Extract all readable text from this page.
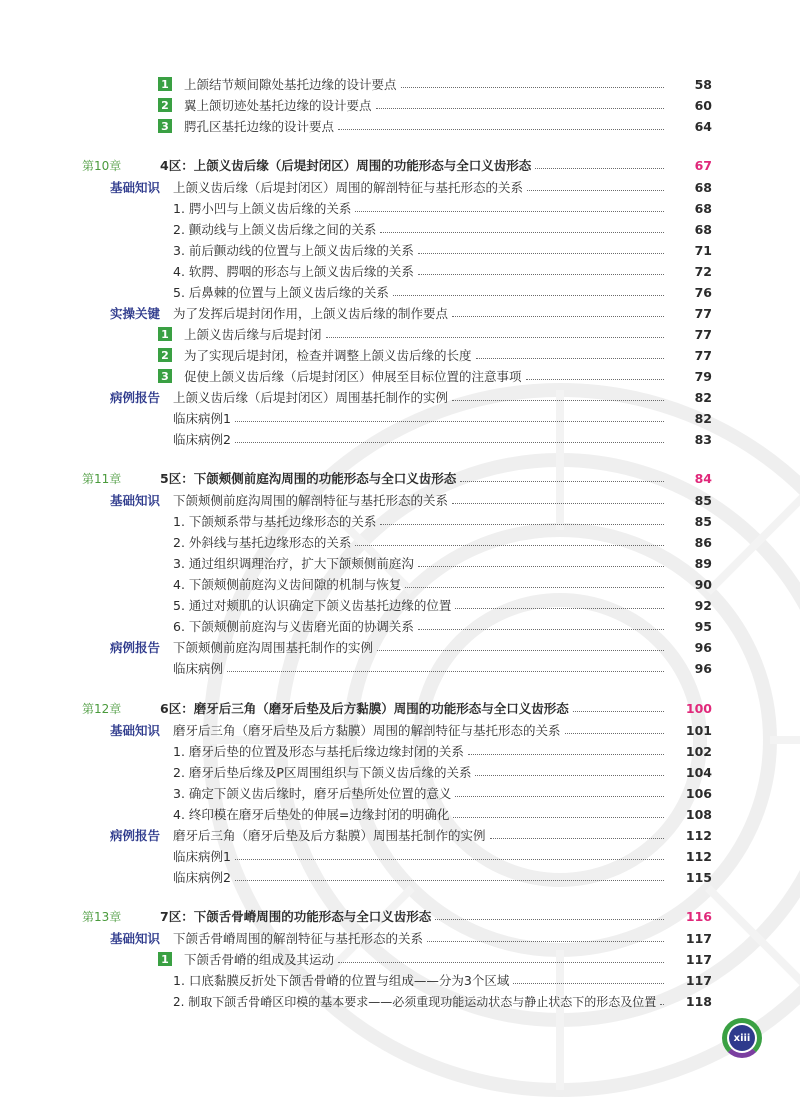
1 上颌结节颊间隙处基托边缘的设计要点	58
2 翼上颌切迹处基托边缘的设计要点	60
3 腭孔区基托边缘的设计要点	64
第10章	4区：上颌义齿后缘（后堤封闭区）周围的功能形态与全口义齿形态	67
基础知识 上颌义齿后缘（后堤封闭区）周围的解剖特征与基托形态的关系	68
1. 腭小凹与上颌义齿后缘的关系	68
2. 颤动线与上颌义齿后缘之间的关系	68
3. 前后颤动线的位置与上颌义齿后缘的关系	71
4. 软腭、腭咽的形态与上颌义齿后缘的关系	72
5. 后鼻棘的位置与上颌义齿后缘的关系	76
实操关键 为了发挥后堤封闭作用，上颌义齿后缘的制作要点	77
1 上颌义齿后缘与后堤封闭	77
2 为了实现后堤封闭，检查并调整上颌义齿后缘的长度	77
3 促使上颌义齿后缘（后堤封闭区）伸展至目标位置的注意事项	79
病例报告 上颌义齿后缘（后堤封闭区）周围基托制作的实例	82
临床病例1	82
临床病例2	83
第11章	5区：下颌颊侧前庭沟周围的功能形态与全口义齿形态	84
基础知识 下颌颊侧前庭沟周围的解剖特征与基托形态的关系	85
1. 下颌颊系带与基托边缘形态的关系	85
2. 外斜线与基托边缘形态的关系	86
3. 通过组织调理治疗，扩大下颌颊侧前庭沟	89
4. 下颌颊侧前庭沟义齿间隙的机制与恢复	90
5. 通过对颊肌的认识确定下颌义齿基托边缘的位置	92
6. 下颌颊侧前庭沟与义齿磨光面的协调关系	95
病例报告 下颌颊侧前庭沟周围基托制作的实例	96
临床病例	96
第12章	6区：磨牙后三角（磨牙后垫及后方黏膜）周围的功能形态与全口义齿形态	100
基础知识 磨牙后三角（磨牙后垫及后方黏膜）周围的解剖特征与基托形态的关系	101
1. 磨牙后垫的位置及形态与基托后缘边缘封闭的关系	102
2. 磨牙后垫后缘及P区周围组织与下颌义齿后缘的关系	104
3. 确定下颌义齿后缘时，磨牙后垫所处位置的意义	106
4. 终印模在磨牙后垫处的伸展=边缘封闭的明确化	108
病例报告 磨牙后三角（磨牙后垫及后方黏膜）周围基托制作的实例	112
临床病例1	112
临床病例2	115
第13章	7区：下颌舌骨嵴周围的功能形态与全口义齿形态	116
基础知识 下颌舌骨嵴周围的解剖特征与基托形态的关系	117
1 下颌舌骨嵴的组成及其运动	117
1. 口底黏膜反折处下颌舌骨嵴的位置与组成——分为3个区域	117
2. 制取下颌舌骨嵴区印模的基本要求——必须重现功能运动状态与静止状态下的形态及位置	118
xiii
